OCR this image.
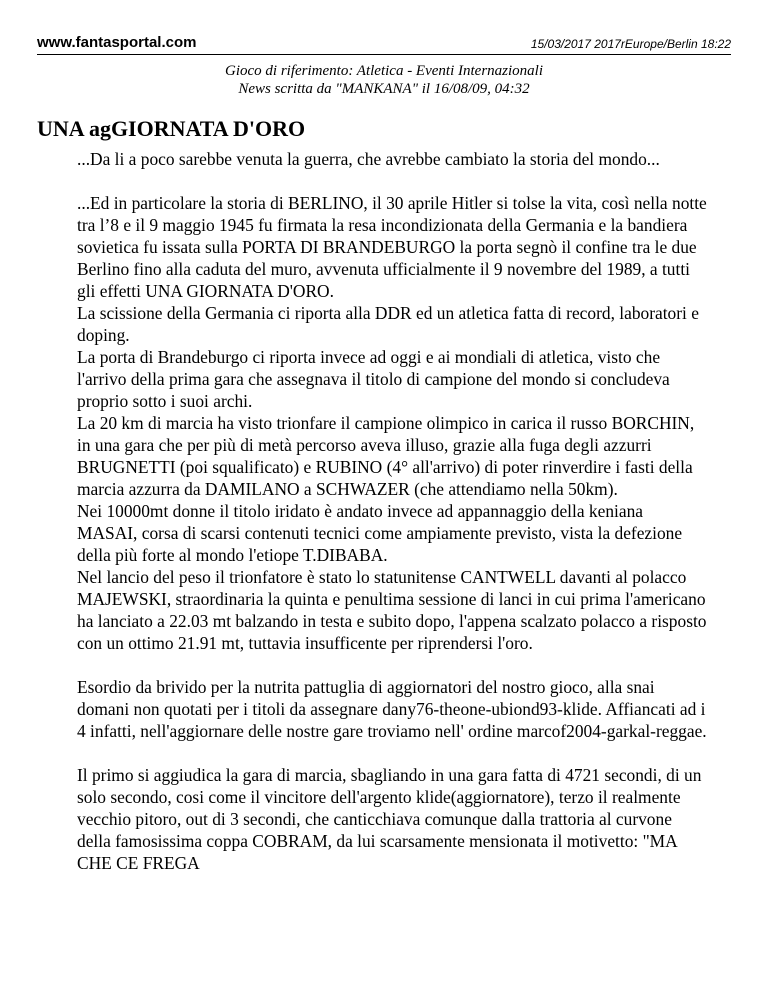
www.fantasportal.com	15/03/2017 2017rEurope/Berlin 18:22
Gioco di riferimento: Atletica - Eventi Internazionali
News scritta da "MANKANA" il 16/08/09, 04:32
UNA agGIORNATA D'ORO

...Da li a poco sarebbe venuta la guerra, che avrebbe cambiato la storia del mondo...

...Ed in particolare la storia di BERLINO, il 30 aprile Hitler si tolse la vita, così nella notte tra l’8 e il 9 maggio 1945 fu firmata la resa incondizionata della Germania e la bandiera sovietica fu issata sulla PORTA DI BRANDEBURGO la porta segnò il confine tra le due Berlino fino alla caduta del muro, avvenuta ufficialmente il 9 novembre del 1989, a tutti gli effetti UNA GIORNATA D'ORO.

La scissione della Germania ci riporta alla DDR ed un atletica fatta di record, laboratori e doping.

La porta di Brandeburgo ci riporta invece ad oggi e ai mondiali di atletica, visto che l'arrivo della prima gara che assegnava il titolo di campione del mondo si concludeva proprio sotto i suoi archi.

La 20 km di marcia ha visto trionfare il campione olimpico in carica il russo BORCHIN, in una gara che per più di metà percorso aveva illuso, grazie alla fuga degli azzurri BRUGNETTI (poi squalificato) e RUBINO (4° all'arrivo) di poter rinverdire i fasti della marcia azzurra da DAMILANO a SCHWAZER (che attendiamo nella 50km).

Nei 10000mt donne il titolo iridato è andato invece ad appannaggio della keniana MASAI, corsa di scarsi contenuti tecnici come ampiamente previsto, vista la defezione della più forte al mondo l'etiope T.DIBABA.

Nel lancio del peso il trionfatore è stato lo statunitense CANTWELL davanti al polacco MAJEWSKI, straordinaria la quinta e penultima sessione di lanci in cui prima l'americano ha lanciato a 22.03 mt balzando in testa e subito dopo, l'appena scalzato polacco a risposto con un ottimo 21.91 mt, tuttavia insufficente per riprendersi l'oro.

Esordio da brivido per la nutrita pattuglia di aggiornatori del nostro gioco, alla snai domani non quotati per i titoli da assegnare dany76-theone-ubiond93-klide. Affiancati ad i 4 infatti, nell'aggiornare delle nostre gare troviamo nell' ordine marcof2004-garkal-reggae.

Il primo si aggiudica la gara di marcia, sbagliando in una gara fatta di 4721 secondi, di un solo secondo, cosi come il vincitore dell'argento klide(aggiornatore), terzo il realmente vecchio pitoro, out di 3 secondi, che canticchiava comunque dalla trattoria al curvone della famosissima coppa COBRAM, da lui scarsamente mensionata il motivetto: "MA CHE CE FREGA
